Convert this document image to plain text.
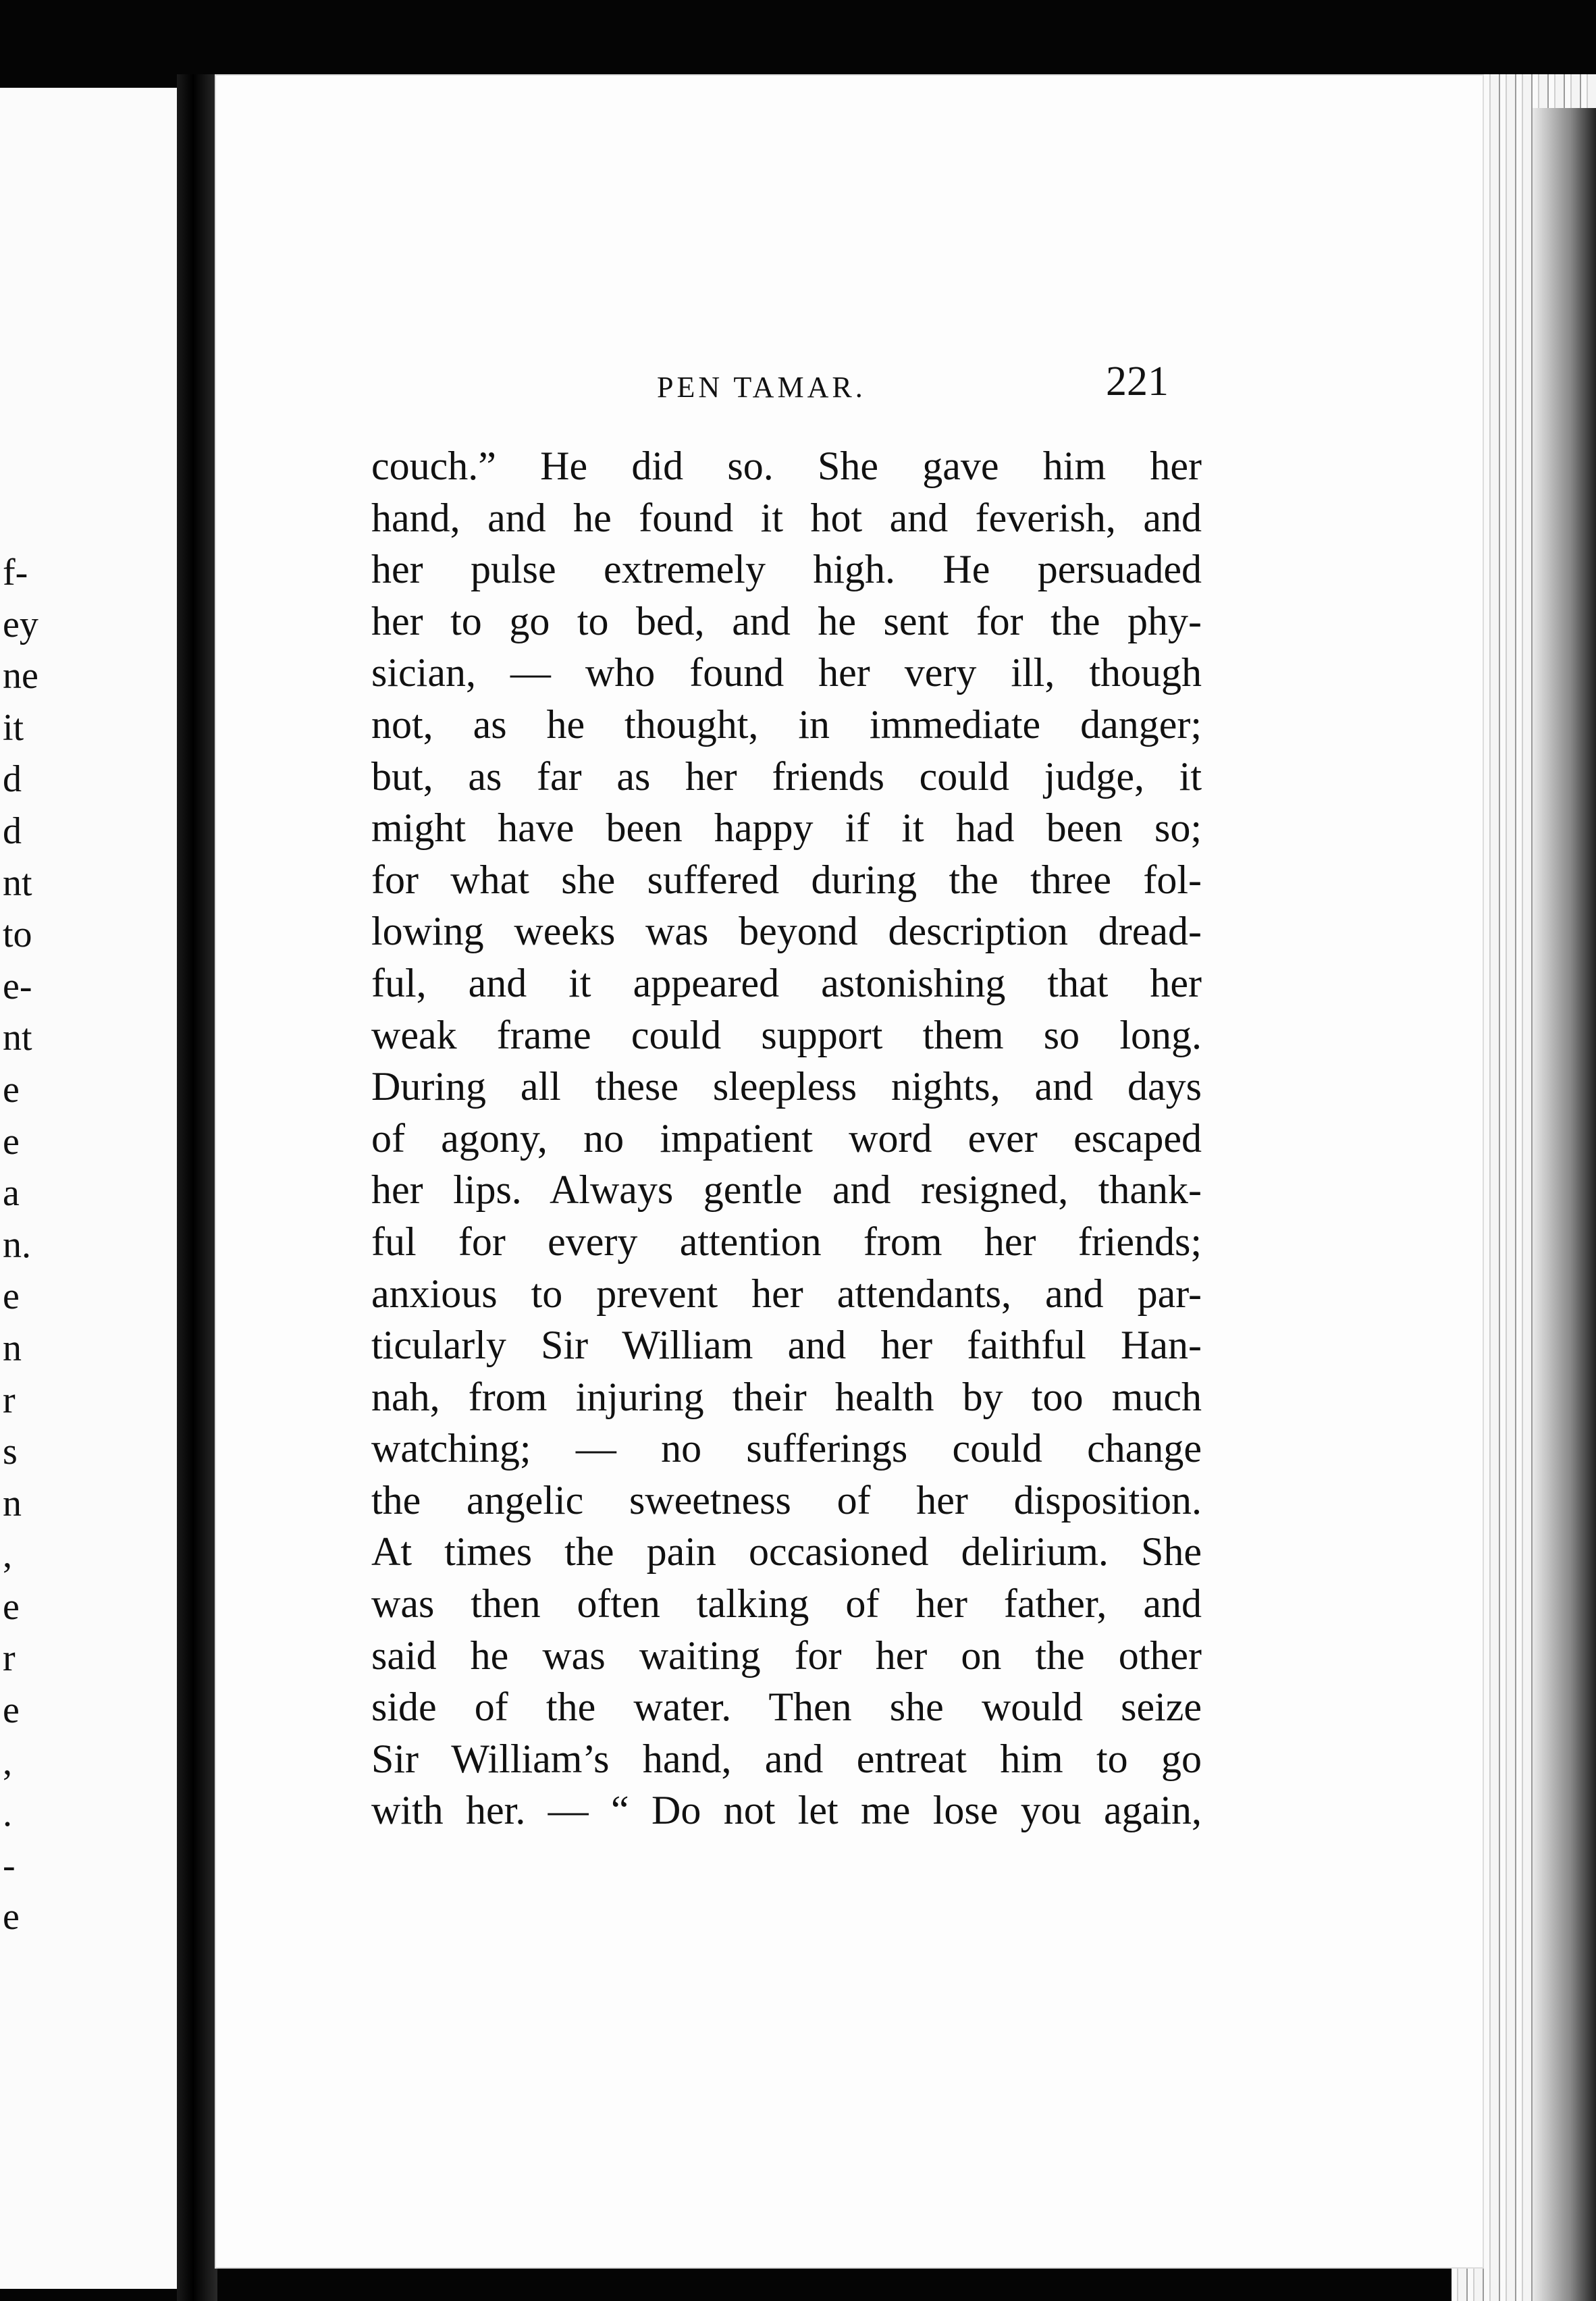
f-
ey
ne
it
d
d
nt
to
e-
nt
e
e
a
n.
e
n
r
s
n
,
e
r
e
,
.
-
e
PEN TAMAR.	221
couch.” He did so. She gave him her
hand, and he found it hot and feverish, and
her pulse extremely high. He persuaded
her to go to bed, and he sent for the phy-
sician, — who found her very ill, though
not, as he thought, in immediate danger;
but, as far as her friends could judge, it
might have been happy if it had been so;
for what she suffered during the three fol-
lowing weeks was beyond description dread-
ful, and it appeared astonishing that her
weak frame could support them so long.
During all these sleepless nights, and days
of agony, no impatient word ever escaped
her lips. Always gentle and resigned, thank-
ful for every attention from her friends;
anxious to prevent her attendants, and par-
ticularly Sir William and her faithful Han-
nah, from injuring their health by too much
watching; — no sufferings could change
the angelic sweetness of her disposition.
At times the pain occasioned delirium. She
was then often talking of her father, and
said he was waiting for her on the other
side of the water. Then she would seize
Sir William’s hand, and entreat him to go
with her. — “ Do not let me lose you again,
